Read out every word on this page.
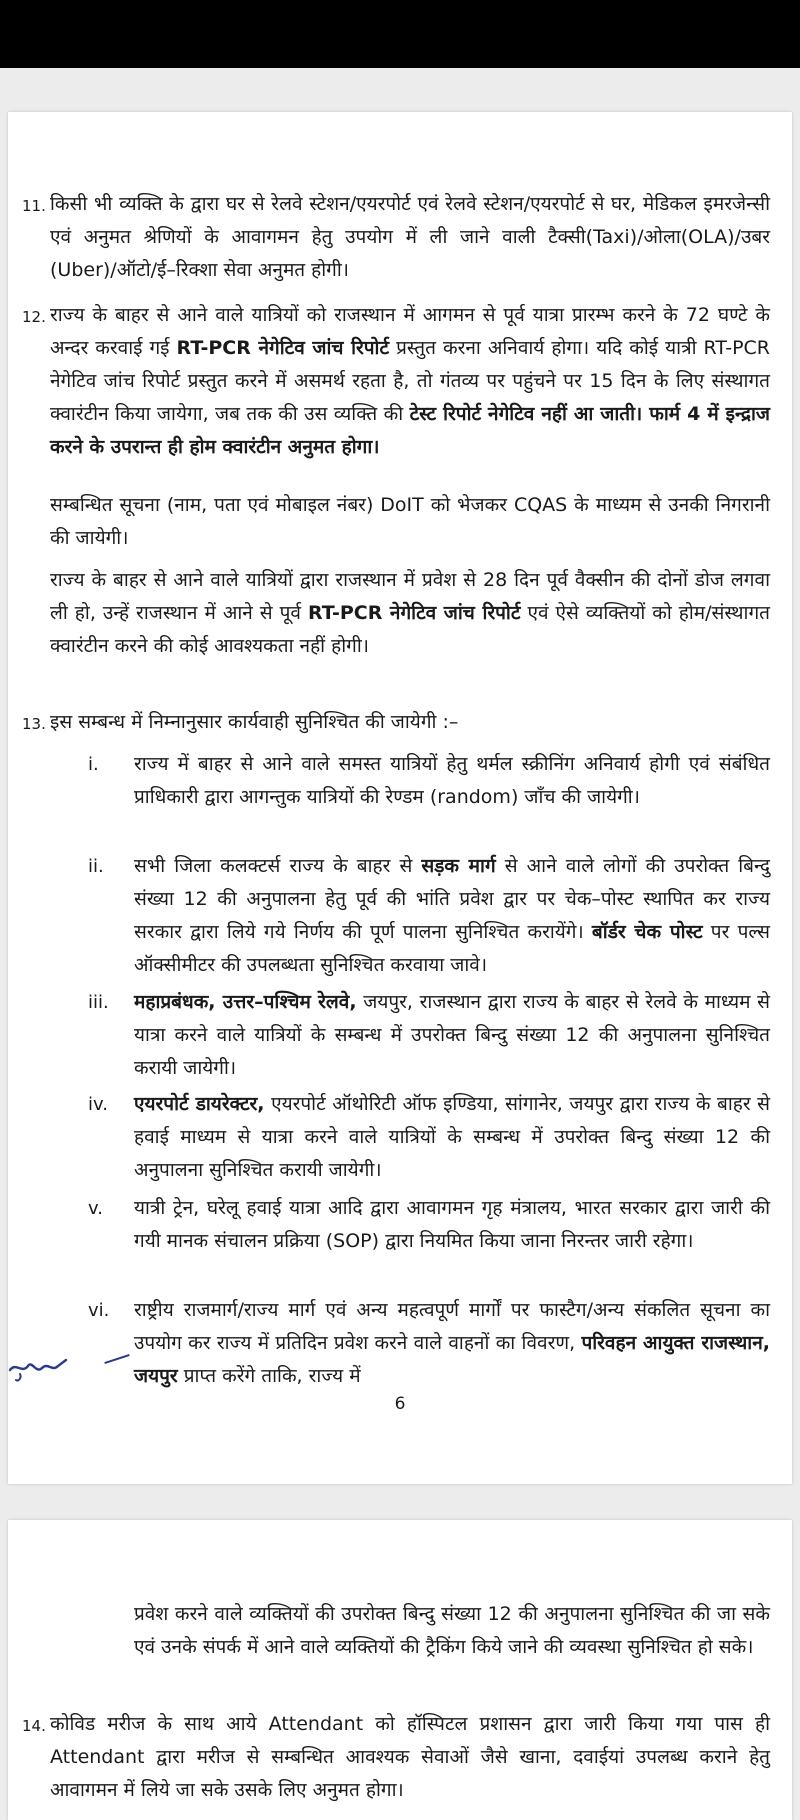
11. किसी भी व्यक्ति के द्वारा घर से रेलवे स्टेशन/एयरपोर्ट एवं रेलवे स्टेशन/एयरपोर्ट से घर, मेडिकल इमरजेन्सी एवं अनुमत श्रेणियों के आवागमन हेतु उपयोग में ली जाने वाली टैक्सी(Taxi)/ओला(OLA)/उबर (Uber)/ऑटो/ई–रिक्शा सेवा अनुमत होगी।

12. राज्य के बाहर से आने वाले यात्रियों को राजस्थान में आगमन से पूर्व यात्रा प्रारम्भ करने के 72 घण्टे के अन्दर करवाई गई RT-PCR नेगेटिव जांच रिपोर्ट प्रस्तुत करना अनिवार्य होगा। यदि कोई यात्री RT-PCR नेगेटिव जांच रिपोर्ट प्रस्तुत करने में असमर्थ रहता है, तो गंतव्य पर पहुंचने पर 15 दिन के लिए संस्थागत क्वारंटीन किया जायेगा, जब तक की उस व्यक्ति की टेस्ट रिपोर्ट नेगेटिव नहीं आ जाती। फार्म 4 में इन्द्राज करने के उपरान्त ही होम क्वारंटीन अनुमत होगा।

सम्बन्धित सूचना (नाम, पता एवं मोबाइल नंबर) DoIT को भेजकर CQAS के माध्यम से उनकी निगरानी की जायेगी।

राज्य के बाहर से आने वाले यात्रियों द्वारा राजस्थान में प्रवेश से 28 दिन पूर्व वैक्सीन की दोनों डोज लगवा ली हो, उन्हें राजस्थान में आने से पूर्व RT-PCR नेगेटिव जांच रिपोर्ट एवं ऐसे व्यक्तियों को होम/संस्थागत क्वारंटीन करने की कोई आवश्यकता नहीं होगी।

13. इस सम्बन्ध में निम्नानुसार कार्यवाही सुनिश्चित की जायेगी :–

i. राज्य में बाहर से आने वाले समस्त यात्रियों हेतु थर्मल स्क्रीनिंग अनिवार्य होगी एवं संबंधित प्राधिकारी द्वारा आगन्तुक यात्रियों की रेण्डम (random) जाँच की जायेगी।

ii. सभी जिला कलक्टर्स राज्य के बाहर से सड़क मार्ग से आने वाले लोगों की उपरोक्त बिन्दु संख्या 12 की अनुपालना हेतु पूर्व की भांति प्रवेश द्वार पर चेक–पोस्ट स्थापित कर राज्य सरकार द्वारा लिये गये निर्णय की पूर्ण पालना सुनिश्चित करायेंगे। बॉर्डर चेक पोस्ट पर पल्स ऑक्सीमीटर की उपलब्धता सुनिश्चित करवाया जावे।

iii. महाप्रबंधक, उत्तर–पश्चिम रेलवे, जयपुर, राजस्थान द्वारा राज्य के बाहर से रेलवे के माध्यम से यात्रा करने वाले यात्रियों के सम्बन्ध में उपरोक्त बिन्दु संख्या 12 की अनुपालना सुनिश्चित करायी जायेगी।

iv. एयरपोर्ट डायरेक्टर, एयरपोर्ट ऑथोरिटी ऑफ इण्डिया, सांगानेर, जयपुर द्वारा राज्य के बाहर से हवाई माध्यम से यात्रा करने वाले यात्रियों के सम्बन्ध में उपरोक्त बिन्दु संख्या 12 की अनुपालना सुनिश्चित करायी जायेगी।

v. यात्री ट्रेन, घरेलू हवाई यात्रा आदि द्वारा आवागमन गृह मंत्रालय, भारत सरकार द्वारा जारी की गयी मानक संचालन प्रक्रिया (SOP) द्वारा नियमित किया जाना निरन्तर जारी रहेगा।

vi. राष्ट्रीय राजमार्ग/राज्य मार्ग एवं अन्य महत्वपूर्ण मार्गों पर फास्टैग/अन्य संकलित सूचना का उपयोग कर राज्य में प्रतिदिन प्रवेश करने वाले वाहनों का विवरण, परिवहन आयुक्त राजस्थान, जयपुर प्राप्त करेंगे ताकि, राज्य में

6

प्रवेश करने वाले व्यक्तियों की उपरोक्त बिन्दु संख्या 12 की अनुपालना सुनिश्चित की जा सके एवं उनके संपर्क में आने वाले व्यक्तियों की ट्रैकिंग किये जाने की व्यवस्था सुनिश्चित हो सके।

14. कोविड मरीज के साथ आये Attendant को हॉस्पिटल प्रशासन द्वारा जारी किया गया पास ही Attendant द्वारा मरीज से सम्बन्धित आवश्यक सेवाओं जैसे खाना, दवाईयां उपलब्ध कराने हेतु आवागमन में लिये जा सके उसके लिए अनुमत होगा।
